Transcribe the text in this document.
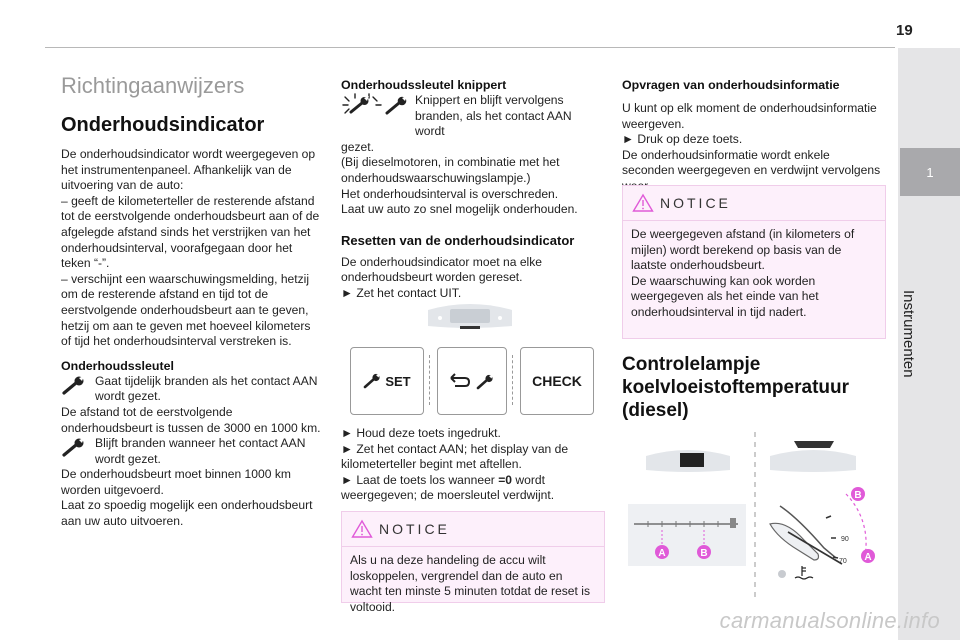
19
1
Instrumenten

Richtingaanwijzers

Onderhoudsindicator

De onderhoudsindicator wordt weergegeven op het instrumentenpaneel. Afhankelijk van de uitvoering van de auto:

– geeft de kilometerteller de resterende afstand tot de eerstvolgende onderhoudsbeurt aan of de afgelegde afstand sinds het verstrijken van het onderhoudsinterval, voorafgegaan door het teken “-”.

– verschijnt een waarschuwingsmelding, hetzij om de resterende afstand en tijd tot de eerstvolgende onderhoudsbeurt aan te geven, hetzij om aan te geven met hoeveel kilometers of tijd het onderhoudsinterval verstreken is.

Onderhoudssleutel

Gaat tijdelijk branden als het contact AAN wordt gezet.

De afstand tot de eerstvolgende onderhoudsbeurt is tussen de 3000 en 1000 km.

Blijft branden wanneer het contact AAN wordt gezet.

De onderhoudsbeurt moet binnen 1000 km worden uitgevoerd.

Laat zo spoedig mogelijk een onderhoudsbeurt aan uw auto uitvoeren.

Onderhoudssleutel knippert

Knippert en blijft vervolgens branden, als het contact AAN wordt

gezet.

(Bij dieselmotoren, in combinatie met het onderhoudswaarschuwingslampje.)

Het onderhoudsinterval is overschreden.

Laat uw auto zo snel mogelijk onderhouden.

Resetten van de onderhoudsindicator

De onderhoudsindicator moet na elke onderhoudsbeurt worden gereset.

► Zet het contact UIT.

SET	CHECK

► Houd deze toets ingedrukt.

► Zet het contact AAN; het display van de kilometerteller begint met aftellen.

► Laat de toets los wanneer =0 wordt weergegeven; de moersleutel verdwijnt.

NOTICE
Als u na deze handeling de accu wilt loskoppelen, vergrendel dan de auto en wacht ten minste 5 minuten totdat de reset is voltooid.

Opvragen van onderhoudsinformatie

U kunt op elk moment de onderhoudsinformatie weergeven.

► Druk op deze toets.

De onderhoudsinformatie wordt enkele seconden weergegeven en verdwijnt vervolgens

NOTICE
De weergegeven afstand (in kilometers of mijlen) wordt berekend op basis van de laatste onderhoudsbeurt.
De waarschuwing kan ook worden weergegeven als het einde van het onderhoudsinterval in tijd nadert.

Controlelampje

koelvloeistoftemperatuur

(diesel)

A	B
90
70
B
A
carmanualsonline.info
